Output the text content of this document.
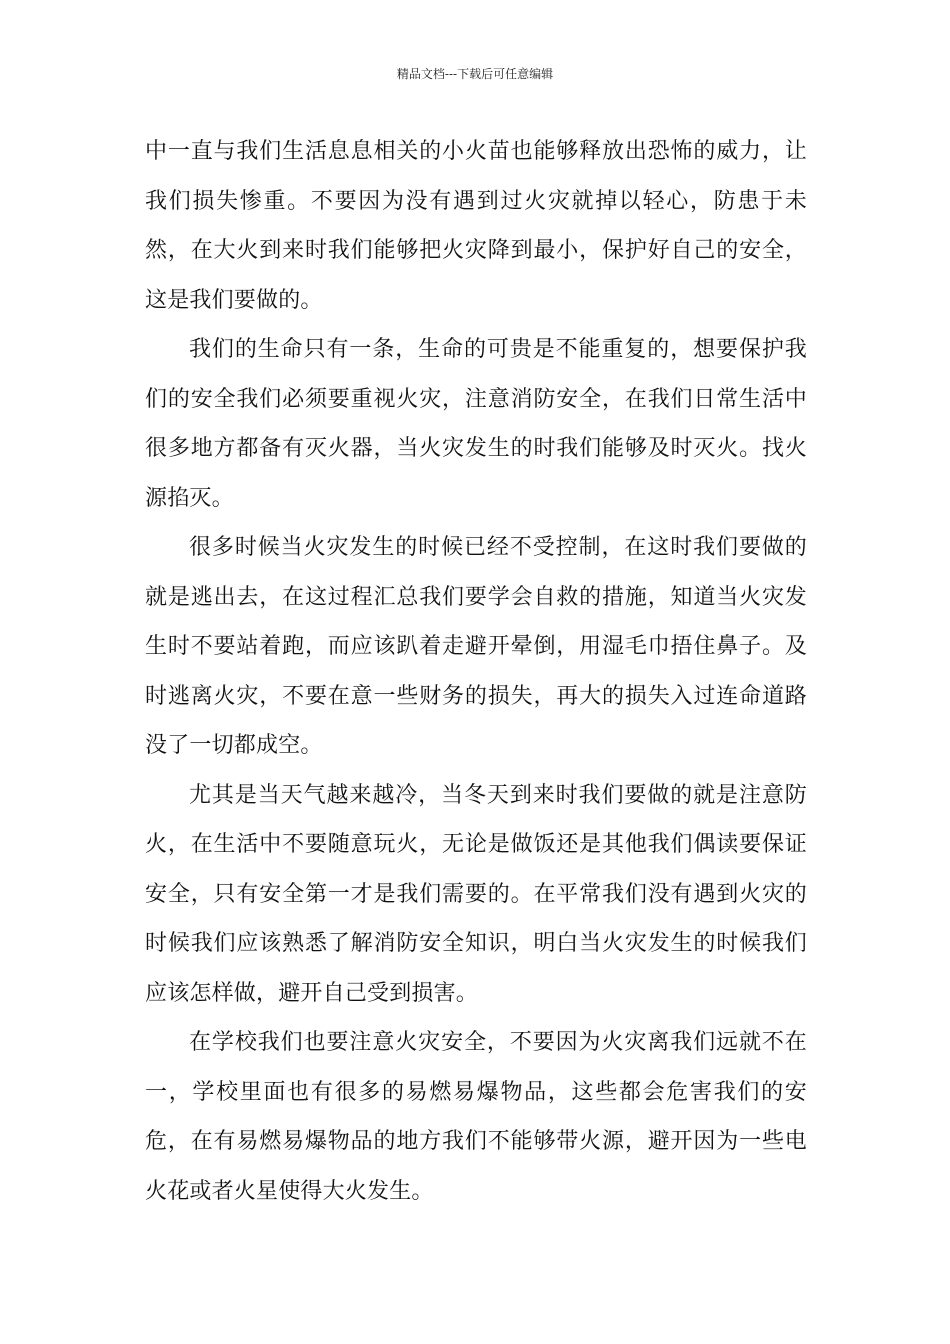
精品文档---下载后可任意编辑

中一直与我们生活息息相关的小火苗也能够释放出恐怖的威力，让我们损失惨重。不要因为没有遇到过火灾就掉以轻心，防患于未然，在大火到来时我们能够把火灾降到最小，保护好自己的安全，这是我们要做的。

我们的生命只有一条，生命的可贵是不能重复的，想要保护我们的安全我们必须要重视火灾，注意消防安全，在我们日常生活中很多地方都备有灭火器，当火灾发生的时我们能够及时灭火。找火源掐灭。

很多时候当火灾发生的时候已经不受控制，在这时我们要做的就是逃出去，在这过程汇总我们要学会自救的措施，知道当火灾发生时不要站着跑，而应该趴着走避开晕倒，用湿毛巾捂住鼻子。及时逃离火灾，不要在意一些财务的损失，再大的损失入过连命道路没了一切都成空。

尤其是当天气越来越冷，当冬天到来时我们要做的就是注意防火，在生活中不要随意玩火，无论是做饭还是其他我们偶读要保证安全，只有安全第一才是我们需要的。在平常我们没有遇到火灾的时候我们应该熟悉了解消防安全知识，明白当火灾发生的时候我们应该怎样做，避开自己受到损害。

在学校我们也要注意火灾安全，不要因为火灾离我们远就不在一，学校里面也有很多的易燃易爆物品，这些都会危害我们的安危，在有易燃易爆物品的地方我们不能够带火源，避开因为一些电火花或者火星使得大火发生。
